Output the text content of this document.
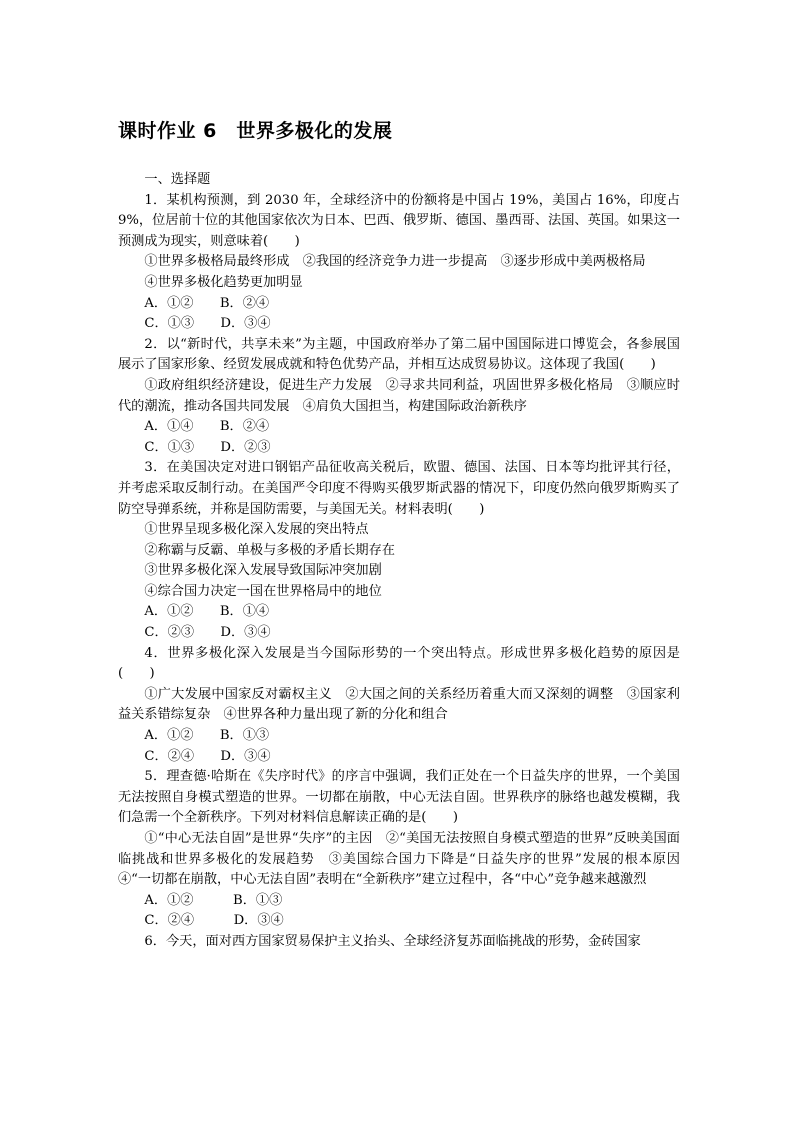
课时作业 6　世界多极化的发展

一、选择题

1．某机构预测，到 2030 年，全球经济中的份额将是中国占 19%，美国占 16%，印度占 9%，位居前十位的其他国家依次为日本、巴西、俄罗斯、德国、墨西哥、法国、英国。如果这一预测成为现实，则意味着(　　)

①世界多极格局最终形成　②我国的经济竞争力进一步提高　③逐步形成中美两极格局

④世界多极化趋势更加明显

A．①②　　B．②④

C．①③　　D．③④

2．以“新时代，共享未来”为主题，中国政府举办了第二届中国国际进口博览会，各参展国展示了国家形象、经贸发展成就和特色优势产品，并相互达成贸易协议。这体现了我国(　　)

①政府组织经济建设，促进生产力发展　②寻求共同利益，巩固世界多极化格局　③顺应时代的潮流，推动各国共同发展　④肩负大国担当，构建国际政治新秩序

A．①④　　B．②④

C．①③　　D．②③

3．在美国决定对进口钢铝产品征收高关税后，欧盟、德国、法国、日本等均批评其行径，并考虑采取反制行动。在美国严令印度不得购买俄罗斯武器的情况下，印度仍然向俄罗斯购买了防空导弹系统，并称是国防需要，与美国无关。材料表明(　　)

①世界呈现多极化深入发展的突出特点

②称霸与反霸、单极与多极的矛盾长期存在

③世界多极化深入发展导致国际冲突加剧

④综合国力决定一国在世界格局中的地位

A．①②　　B．①④

C．②③　　D．③④

4．世界多极化深入发展是当今国际形势的一个突出特点。形成世界多极化趋势的原因是(　　)

①广大发展中国家反对霸权主义　②大国之间的关系经历着重大而又深刻的调整　③国家利益关系错综复杂　④世界各种力量出现了新的分化和组合

A．①②　　B．①③

C．②④　　D．③④

5．理查德·哈斯在《失序时代》的序言中强调，我们正处在一个日益失序的世界，一个美国无法按照自身模式塑造的世界。一切都在崩散，中心无法自固。世界秩序的脉络也越发模糊，我们急需一个全新秩序。下列对材料信息解读正确的是(　　)

①“中心无法自固”是世界“失序”的主因　②“美国无法按照自身模式塑造的世界”反映美国面临挑战和世界多极化的发展趋势　③美国综合国力下降是“日益失序的世界”发展的根本原因　④“一切都在崩散，中心无法自固”表明在“全新秩序”建立过程中，各“中心”竞争越来越激烈

A．①②　　　B．①③

C．②④　　　D．③④

6．今天，面对西方国家贸易保护主义抬头、全球经济复苏面临挑战的形势，金砖国家
